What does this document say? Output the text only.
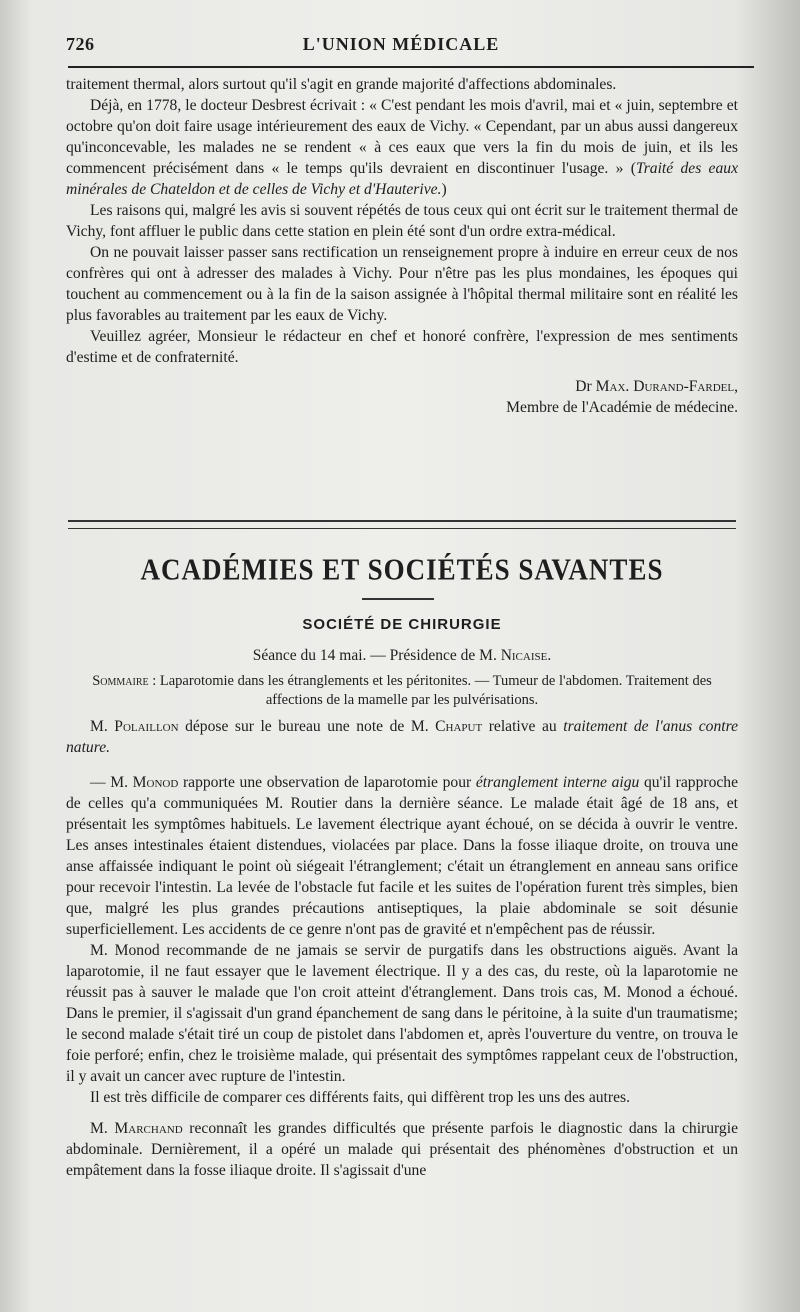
726	L'UNION MÉDICALE

traitement thermal, alors surtout qu'il s'agit en grande majorité d'affections abdominales.

Déjà, en 1778, le docteur Desbrest écrivait : « C'est pendant les mois d'avril, mai et « juin, septembre et octobre qu'on doit faire usage intérieurement des eaux de Vichy. « Cependant, par un abus aussi dangereux qu'inconcevable, les malades ne se rendent « à ces eaux que vers la fin du mois de juin, et ils les commencent précisément dans « le temps qu'ils devraient en discontinuer l'usage. » (Traité des eaux minérales de Chateldon et de celles de Vichy et d'Hauterive.)

Les raisons qui, malgré les avis si souvent répétés de tous ceux qui ont écrit sur le traitement thermal de Vichy, font affluer le public dans cette station en plein été sont d'un ordre extra-médical.

On ne pouvait laisser passer sans rectification un renseignement propre à induire en erreur ceux de nos confrères qui ont à adresser des malades à Vichy. Pour n'être pas les plus mondaines, les époques qui touchent au commencement ou à la fin de la saison assignée à l'hôpital thermal militaire sont en réalité les plus favorables au traitement par les eaux de Vichy.

Veuillez agréer, Monsieur le rédacteur en chef et honoré confrère, l'expression de mes sentiments d'estime et de confraternité.

Dr Max. Durand-Fardel,
Membre de l'Académie de médecine.

ACADÉMIES ET SOCIÉTÉS SAVANTES
SOCIÉTÉ DE CHIRURGIE
Séance du 14 mai. — Présidence de M. Nicaise.
Sommaire : Laparotomie dans les étranglements et les péritonites. — Tumeur de l'abdomen. Traitement des affections de la mamelle par les pulvérisations.

M. Polaillon dépose sur le bureau une note de M. Chaput relative au traitement de l'anus contre nature.

— M. Monod rapporte une observation de laparotomie pour étranglement interne aigu qu'il rapproche de celles qu'a communiquées M. Routier dans la dernière séance. Le malade était âgé de 18 ans, et présentait les symptômes habituels. Le lavement électrique ayant échoué, on se décida à ouvrir le ventre. Les anses intestinales étaient distendues, violacées par place. Dans la fosse iliaque droite, on trouva une anse affaissée indiquant le point où siégeait l'étranglement; c'était un étranglement en anneau sans orifice pour recevoir l'intestin. La levée de l'obstacle fut facile et les suites de l'opération furent très simples, bien que, malgré les plus grandes précautions antiseptiques, la plaie abdominale se soit désunie superficiellement. Les accidents de ce genre n'ont pas de gravité et n'empêchent pas de réussir.

M. Monod recommande de ne jamais se servir de purgatifs dans les obstructions aiguës. Avant la laparotomie, il ne faut essayer que le lavement électrique. Il y a des cas, du reste, où la laparotomie ne réussit pas à sauver le malade que l'on croit atteint d'étranglement. Dans trois cas, M. Monod a échoué. Dans le premier, il s'agissait d'un grand épanchement de sang dans le péritoine, à la suite d'un traumatisme; le second malade s'était tiré un coup de pistolet dans l'abdomen et, après l'ouverture du ventre, on trouva le foie perforé; enfin, chez le troisième malade, qui présentait des symptômes rappelant ceux de l'obstruction, il y avait un cancer avec rupture de l'intestin.

Il est très difficile de comparer ces différents faits, qui diffèrent trop les uns des autres.

M. Marchand reconnaît les grandes difficultés que présente parfois le diagnostic dans la chirurgie abdominale. Dernièrement, il a opéré un malade qui présentait des phénomènes d'obstruction et un empâtement dans la fosse iliaque droite. Il s'agissait d'une
